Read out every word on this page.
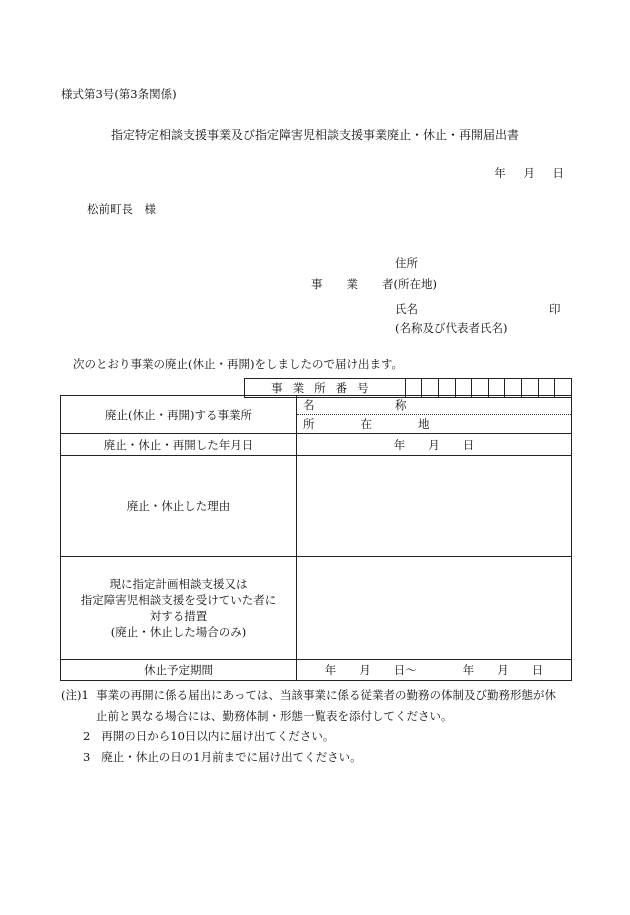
様式第3号(第3条関係)
指定特定相談支援事業及び指定障害児相談支援事業廃止・休止・再開届出書
年 月 日
松前町長　様
住所
事 業 者(所在地)
氏名	印
(名称及び代表者氏名)
次のとおり事業の廃止(休止・再開)をしましたので届け出ます。
事業所番号										
廃止(休止・再開)する事業所	名　　　　　　　称
	所　　　　在　　　　地
廃止・休止・再開した年月日	年　　月　　日
廃止・休止した理由	

現に指定計画相談支援又は
指定障害児相談支援を受けていた者に
対する措置
(廃止・休止した場合のみ)	

休止予定期間	年　　月　　日～　　　　年　　月　　日
(注)1 事業の再開に係る届出にあっては、当該事業に係る従業者の勤務の体制及び勤務形態が休
止前と異なる場合には、勤務体制・形態一覧表を添付してください。
2 再開の日から10日以内に届け出てください。
3 廃止・休止の日の1月前までに届け出てください。
